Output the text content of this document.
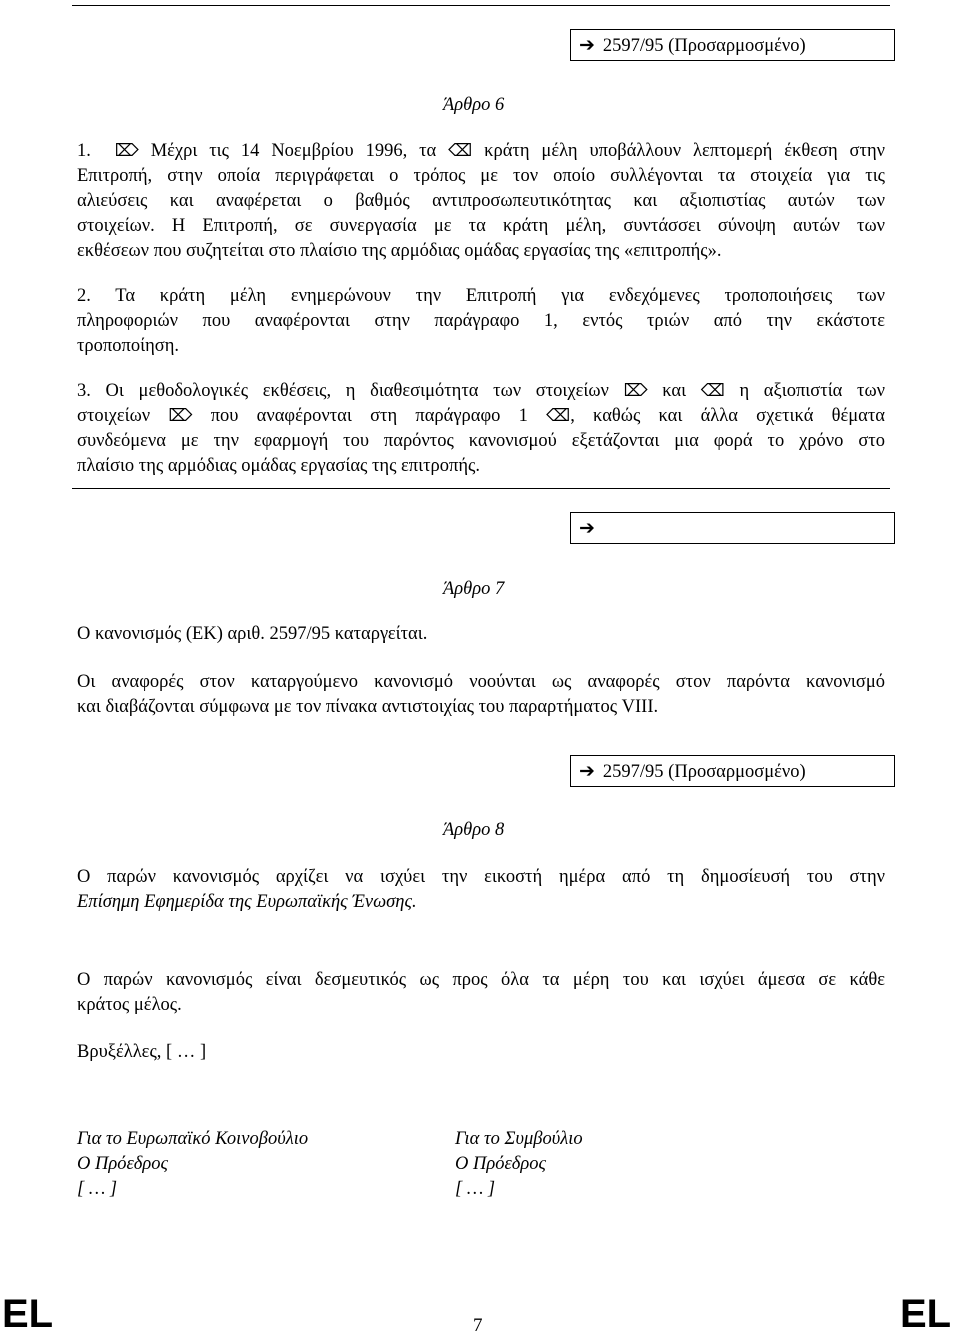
➔ 2597/95 (Προσαρμοσμένο)
Άρθρο 6
1. ⌦ Μέχρι τις 14 Νοεμβρίου 1996, τα ⌫ κράτη μέλη υποβάλλουν λεπτομερή έκθεση στην
Επιτροπή, στην οποία περιγράφεται ο τρόπος με τον οποίο συλλέγονται τα στοιχεία για τις
αλιεύσεις και αναφέρεται ο βαθμός αντιπροσωπευτικότητας και αξιοπιστίας αυτών των
στοιχείων. Η Επιτροπή, σε συνεργασία με τα κράτη μέλη, συντάσσει σύνοψη αυτών των
εκθέσεων που συζητείται στο πλαίσιο της αρμόδιας ομάδας εργασίας της «επιτροπής».
2. Τα κράτη μέλη ενημερώνουν την Επιτροπή για ενδεχόμενες τροποποιήσεις των
πληροφοριών που αναφέρονται στην παράγραφο 1, εντός τριών από την εκάστοτε
τροποποίηση.
3. Οι μεθοδολογικές εκθέσεις, η διαθεσιμότητα των στοιχείων ⌦ και ⌫ η αξιοπιστία των
στοιχείων ⌦ που αναφέρονται στη παράγραφο 1 ⌫, καθώς και άλλα σχετικά θέματα
συνδεόμενα με την εφαρμογή του παρόντος κανονισμού εξετάζονται μια φορά το χρόνο στο
πλαίσιο της αρμόδιας ομάδας εργασίας της επιτροπής.
➔
Άρθρο 7
Ο κανονισμός (ΕΚ) αριθ. 2597/95 καταργείται.
Οι αναφορές στον καταργούμενο κανονισμό νοούνται ως αναφορές στον παρόντα κανονισμό
και διαβάζονται σύμφωνα με τον πίνακα αντιστοιχίας του παραρτήματος VIII.
➔ 2597/95 (Προσαρμοσμένο)
Άρθρο 8
Ο παρών κανονισμός αρχίζει να ισχύει την εικοστή ημέρα από τη δημοσίευσή του στην
Επίσημη Εφημερίδα της Ευρωπαϊκής Ένωσης.
Ο παρών κανονισμός είναι δεσμευτικός ως προς όλα τα μέρη του και ισχύει άμεσα σε κάθε
κράτος μέλος.
Βρυξέλλες, [ … ]
Για το Ευρωπαϊκό Κοινοβούλιο
Ο Πρόεδρος
[ … ]
Για το Συμβούλιο
Ο Πρόεδρος
[ … ]
EL	7	EL
